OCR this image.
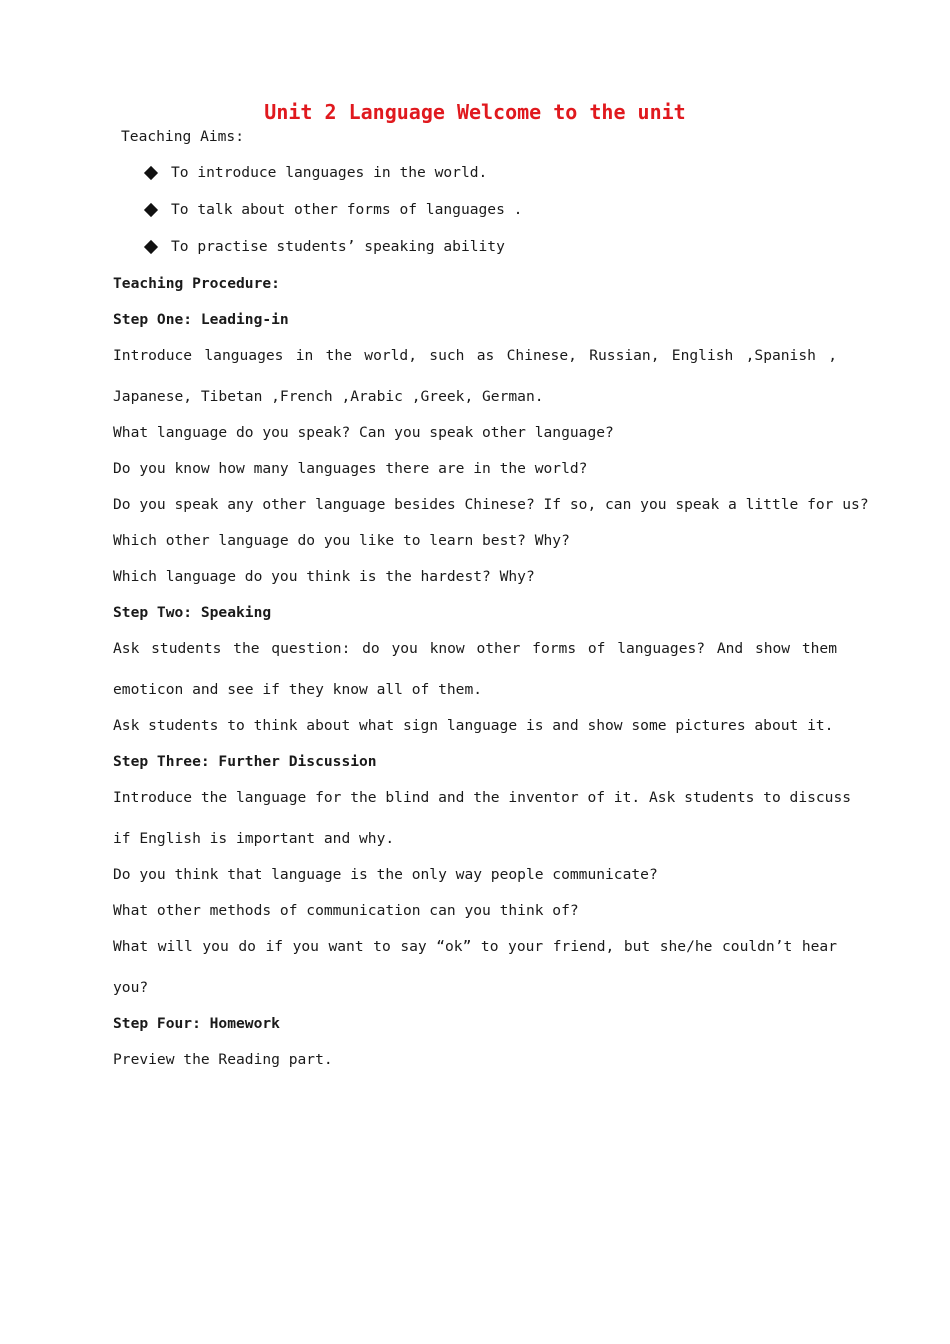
Unit 2 Language Welcome to the unit
Teaching Aims:
To introduce languages in the world.
To talk about other forms of languages .
To practise students’ speaking ability
Teaching Procedure:
Step One: Leading-in
Introduce languages in the world, such as Chinese, Russian, English ,Spanish ,
Japanese, Tibetan ,French ,Arabic ,Greek, German.
What language do you speak? Can you speak other language?
Do you know how many languages there are in the world?
Do you speak any other language besides Chinese? If so, can you speak a little for us?
Which other language do you like to learn best? Why?
Which language do you think is the hardest? Why?
Step Two: Speaking
Ask students the question: do you know other forms of languages? And show them
emoticon and see if they know all of them.
Ask students to think about what sign language is and show some pictures about it.
Step Three: Further Discussion
Introduce the language for the blind and the inventor of it. Ask students to discuss
if English is important and why.
Do you think that language is the only way people communicate?
What other methods of communication can you think of?
What will you do if you want to say “ok” to your friend, but she/he couldn’t hear
you?
Step Four: Homework
Preview the Reading part.
